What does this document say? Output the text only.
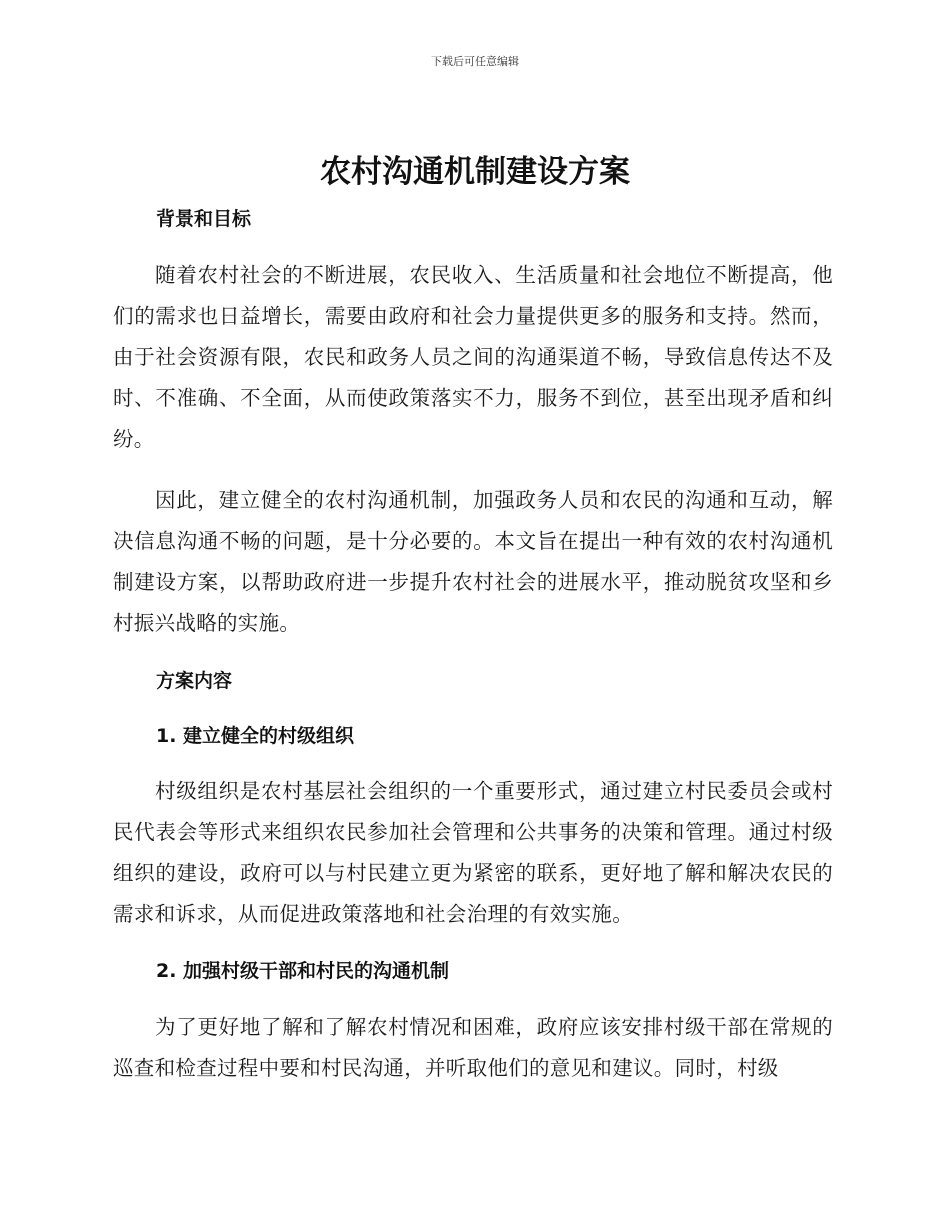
下载后可任意编辑
农村沟通机制建设方案
背景和目标

随着农村社会的不断进展，农民收入、生活质量和社会地位不断提高，他们的需求也日益增长，需要由政府和社会力量提供更多的服务和支持。然而，由于社会资源有限，农民和政务人员之间的沟通渠道不畅，导致信息传达不及时、不准确、不全面，从而使政策落实不力，服务不到位，甚至出现矛盾和纠纷。

因此，建立健全的农村沟通机制，加强政务人员和农民的沟通和互动，解决信息沟通不畅的问题，是十分必要的。本文旨在提出一种有效的农村沟通机制建设方案，以帮助政府进一步提升农村社会的进展水平，推动脱贫攻坚和乡村振兴战略的实施。

方案内容
1. 建立健全的村级组织

村级组织是农村基层社会组织的一个重要形式，通过建立村民委员会或村民代表会等形式来组织农民参加社会管理和公共事务的决策和管理。通过村级组织的建设，政府可以与村民建立更为紧密的联系，更好地了解和解决农民的需求和诉求，从而促进政策落地和社会治理的有效实施。

2. 加强村级干部和村民的沟通机制

为了更好地了解和了解农村情况和困难，政府应该安排村级干部在常规的巡查和检查过程中要和村民沟通，并听取他们的意见和建议。同时，村级
